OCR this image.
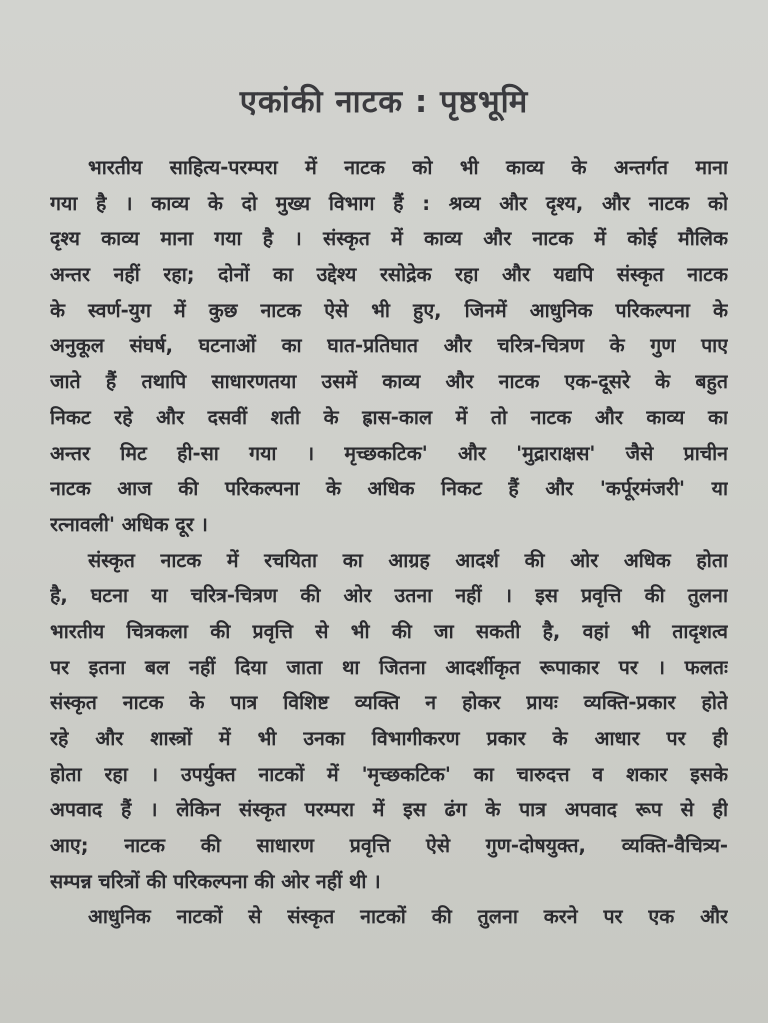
एकांकी नाटक : पृष्ठभूमि
भारतीय साहित्य-परम्परा में नाटक को भी काव्य के अन्तर्गत माना
गया है । काव्य के दो मुख्य विभाग हैं : श्रव्य और दृश्य, और नाटक को
दृश्य काव्य माना गया है । संस्कृत में काव्य और नाटक में कोई मौलिक
अन्तर नहीं रहा; दोनों का उद्देश्य रसोद्रेक रहा और यद्यपि संस्कृत नाटक
के स्वर्ण-युग में कुछ नाटक ऐसे भी हुए, जिनमें आधुनिक परिकल्पना के
अनुकूल संघर्ष, घटनाओं का घात-प्रतिघात और चरित्र-चित्रण के गुण पाए
जाते हैं तथापि साधारणतया उसमें काव्य और नाटक एक-दूसरे के बहुत
निकट रहे और दसवीं शती के ह्रास-काल में तो नाटक और काव्य का
अन्तर मिट ही-सा गया । मृच्छकटिक' और 'मुद्राराक्षस' जैसे प्राचीन
नाटक आज की परिकल्पना के अधिक निकट हैं और 'कर्पूरमंजरी' या
रत्नावली' अधिक दूर ।
संस्कृत नाटक में रचयिता का आग्रह आदर्श की ओर अधिक होता
है, घटना या चरित्र-चित्रण की ओर उतना नहीं । इस प्रवृत्ति की तुलना
भारतीय चित्रकला की प्रवृत्ति से भी की जा सकती है, वहां भी तादृशत्व
पर इतना बल नहीं दिया जाता था जितना आदर्शीकृत रूपाकार पर । फलतः
संस्कृत नाटक के पात्र विशिष्ट व्यक्ति न होकर प्रायः व्यक्ति-प्रकार होते
रहे और शास्त्रों में भी उनका विभागीकरण प्रकार के आधार पर ही
होता रहा । उपर्युक्त नाटकों में 'मृच्छकटिक' का चारुदत्त व शकार इसके
अपवाद हैं । लेकिन संस्कृत परम्परा में इस ढंग के पात्र अपवाद रूप से ही
आए; नाटक की साधारण प्रवृत्ति ऐसे गुण-दोषयुक्त, व्यक्ति-वैचित्र्य-
सम्पन्न चरित्रों की परिकल्पना की ओर नहीं थी ।
आधुनिक नाटकों से संस्कृत नाटकों की तुलना करने पर एक और
